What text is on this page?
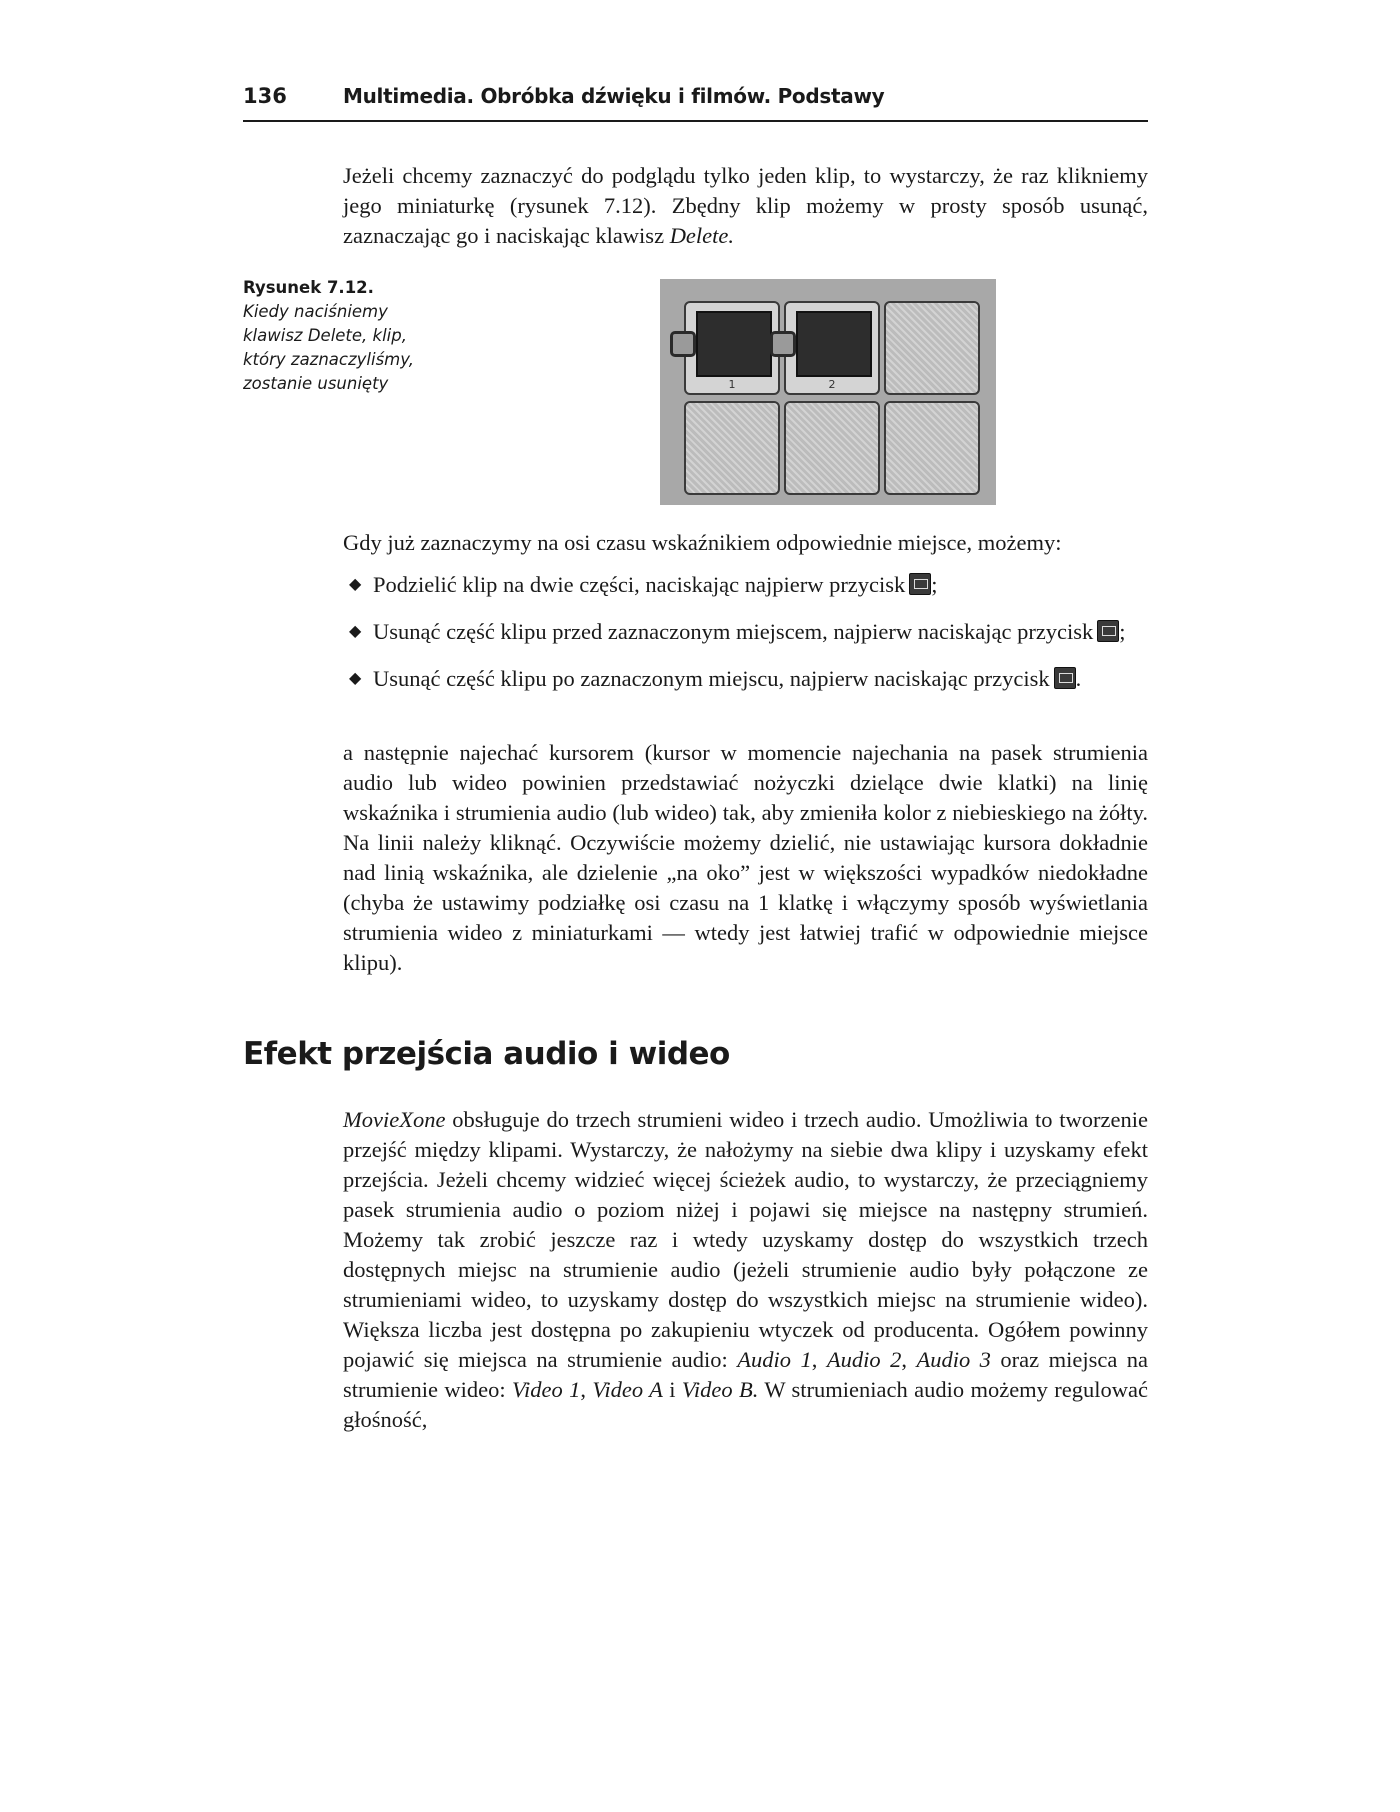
136	Multimedia. Obróbka dźwięku i filmów. Podstawy

Jeżeli chcemy zaznaczyć do podglądu tylko jeden klip, to wystarczy, że raz klikniemy jego miniaturkę (rysunek 7.12). Zbędny klip możemy w prosty sposób usunąć, zaznaczając go i naciskając klawisz Delete.

Rysunek 7.12.
Kiedy naciśniemy klawisz Delete, klip, który zaznaczyliśmy, zostanie usunięty	1	2

Gdy już zaznaczymy na osi czasu wskaźnikiem odpowiednie miejsce, możemy:

◆ Podzielić klip na dwie części, naciskając najpierw przycisk ;
◆ Usunąć część klipu przed zaznaczonym miejscem, najpierw naciskając przycisk ;
◆ Usunąć część klipu po zaznaczonym miejscu, najpierw naciskając przycisk .

a następnie najechać kursorem (kursor w momencie najechania na pasek strumienia audio lub wideo powinien przedstawiać nożyczki dzielące dwie klatki) na linię wskaźnika i strumienia audio (lub wideo) tak, aby zmieniła kolor z niebieskiego na żółty. Na linii należy kliknąć. Oczywiście możemy dzielić, nie ustawiając kursora dokładnie nad linią wskaźnika, ale dzielenie „na oko” jest w większości wypadków niedokładne (chyba że ustawimy podziałkę osi czasu na 1 klatkę i włączymy sposób wyświetlania strumienia wideo z miniaturkami — wtedy jest łatwiej trafić w odpowiednie miejsce klipu).

Efekt przejścia audio i wideo

MovieXone obsługuje do trzech strumieni wideo i trzech audio. Umożliwia to tworzenie przejść między klipami. Wystarczy, że nałożymy na siebie dwa klipy i uzyskamy efekt przejścia. Jeżeli chcemy widzieć więcej ścieżek audio, to wystarczy, że przeciągniemy pasek strumienia audio o poziom niżej i pojawi się miejsce na następny strumień. Możemy tak zrobić jeszcze raz i wtedy uzyskamy dostęp do wszystkich trzech dostępnych miejsc na strumienie audio (jeżeli strumienie audio były połączone ze strumieniami wideo, to uzyskamy dostęp do wszystkich miejsc na strumienie wideo). Większa liczba jest dostępna po zakupieniu wtyczek od producenta. Ogółem powinny pojawić się miejsca na strumienie audio: Audio 1, Audio 2, Audio 3 oraz miejsca na strumienie wideo: Video 1, Video A i Video B. W strumieniach audio możemy regulować głośność,
